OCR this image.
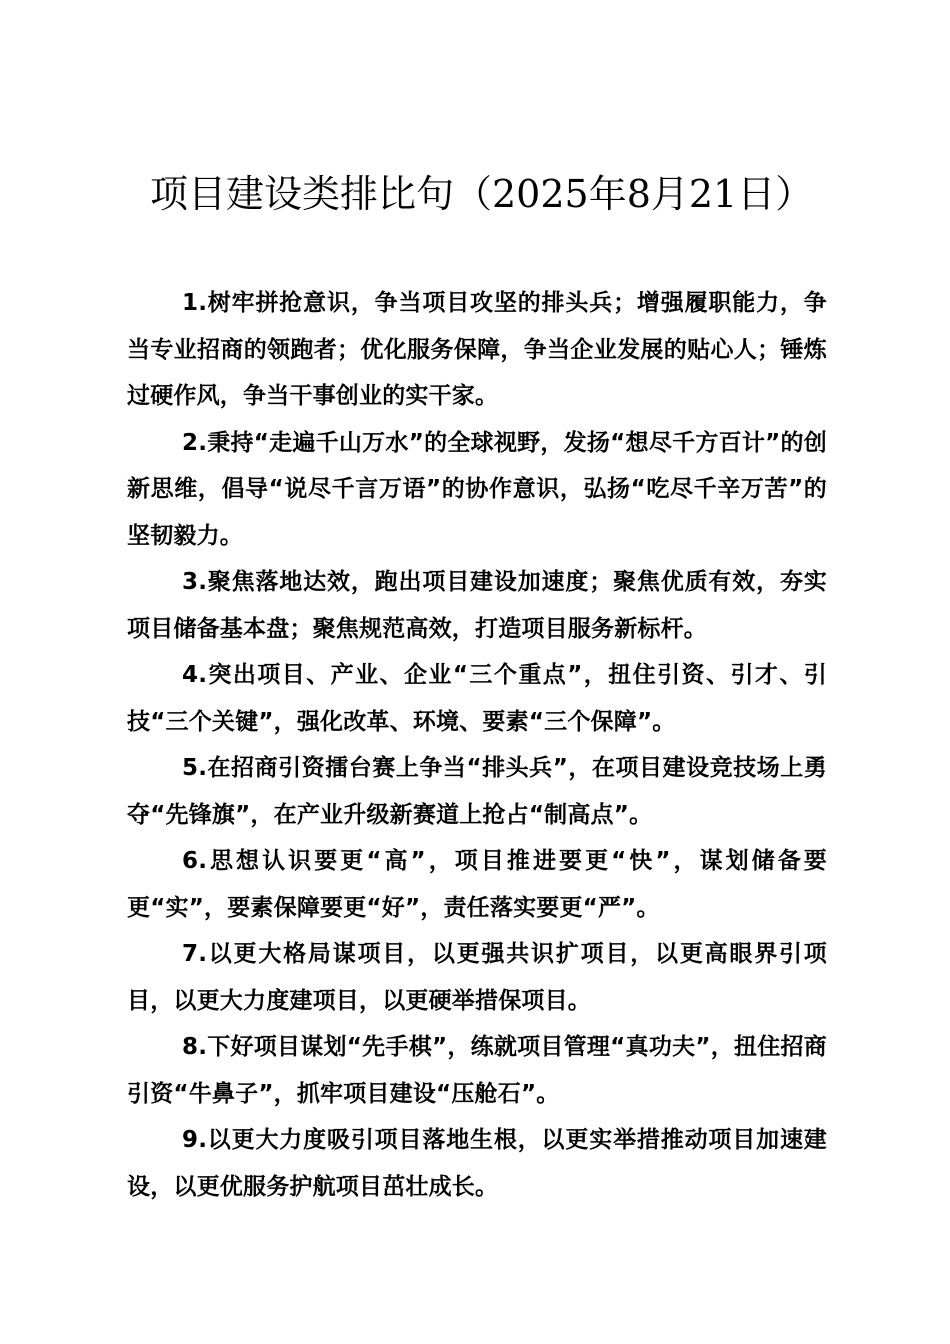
项目建设类排比句（2025年8月21日）

1.树牢拼抢意识，争当项目攻坚的排头兵；增强履职能力，争当专业招商的领跑者；优化服务保障，争当企业发展的贴心人；锤炼过硬作风，争当干事创业的实干家。

2.秉持“走遍千山万水”的全球视野，发扬“想尽千方百计”的创新思维，倡导“说尽千言万语”的协作意识，弘扬“吃尽千辛万苦”的坚韧毅力。

3.聚焦落地达效，跑出项目建设加速度；聚焦优质有效，夯实项目储备基本盘；聚焦规范高效，打造项目服务新标杆。

4.突出项目、产业、企业“三个重点”，扭住引资、引才、引技“三个关键”，强化改革、环境、要素“三个保障”。

5.在招商引资擂台赛上争当“排头兵”，在项目建设竞技场上勇夺“先锋旗”，在产业升级新赛道上抢占“制高点”。

6.思想认识要更“高”，项目推进要更“快”，谋划储备要更“实”，要素保障要更“好”，责任落实要更“严”。

7.以更大格局谋项目，以更强共识扩项目，以更高眼界引项目，以更大力度建项目，以更硬举措保项目。

8.下好项目谋划“先手棋”，练就项目管理“真功夫”，扭住招商引资“牛鼻子”，抓牢项目建设“压舱石”。

9.以更大力度吸引项目落地生根，以更实举措推动项目加速建设，以更优服务护航项目茁壮成长。
